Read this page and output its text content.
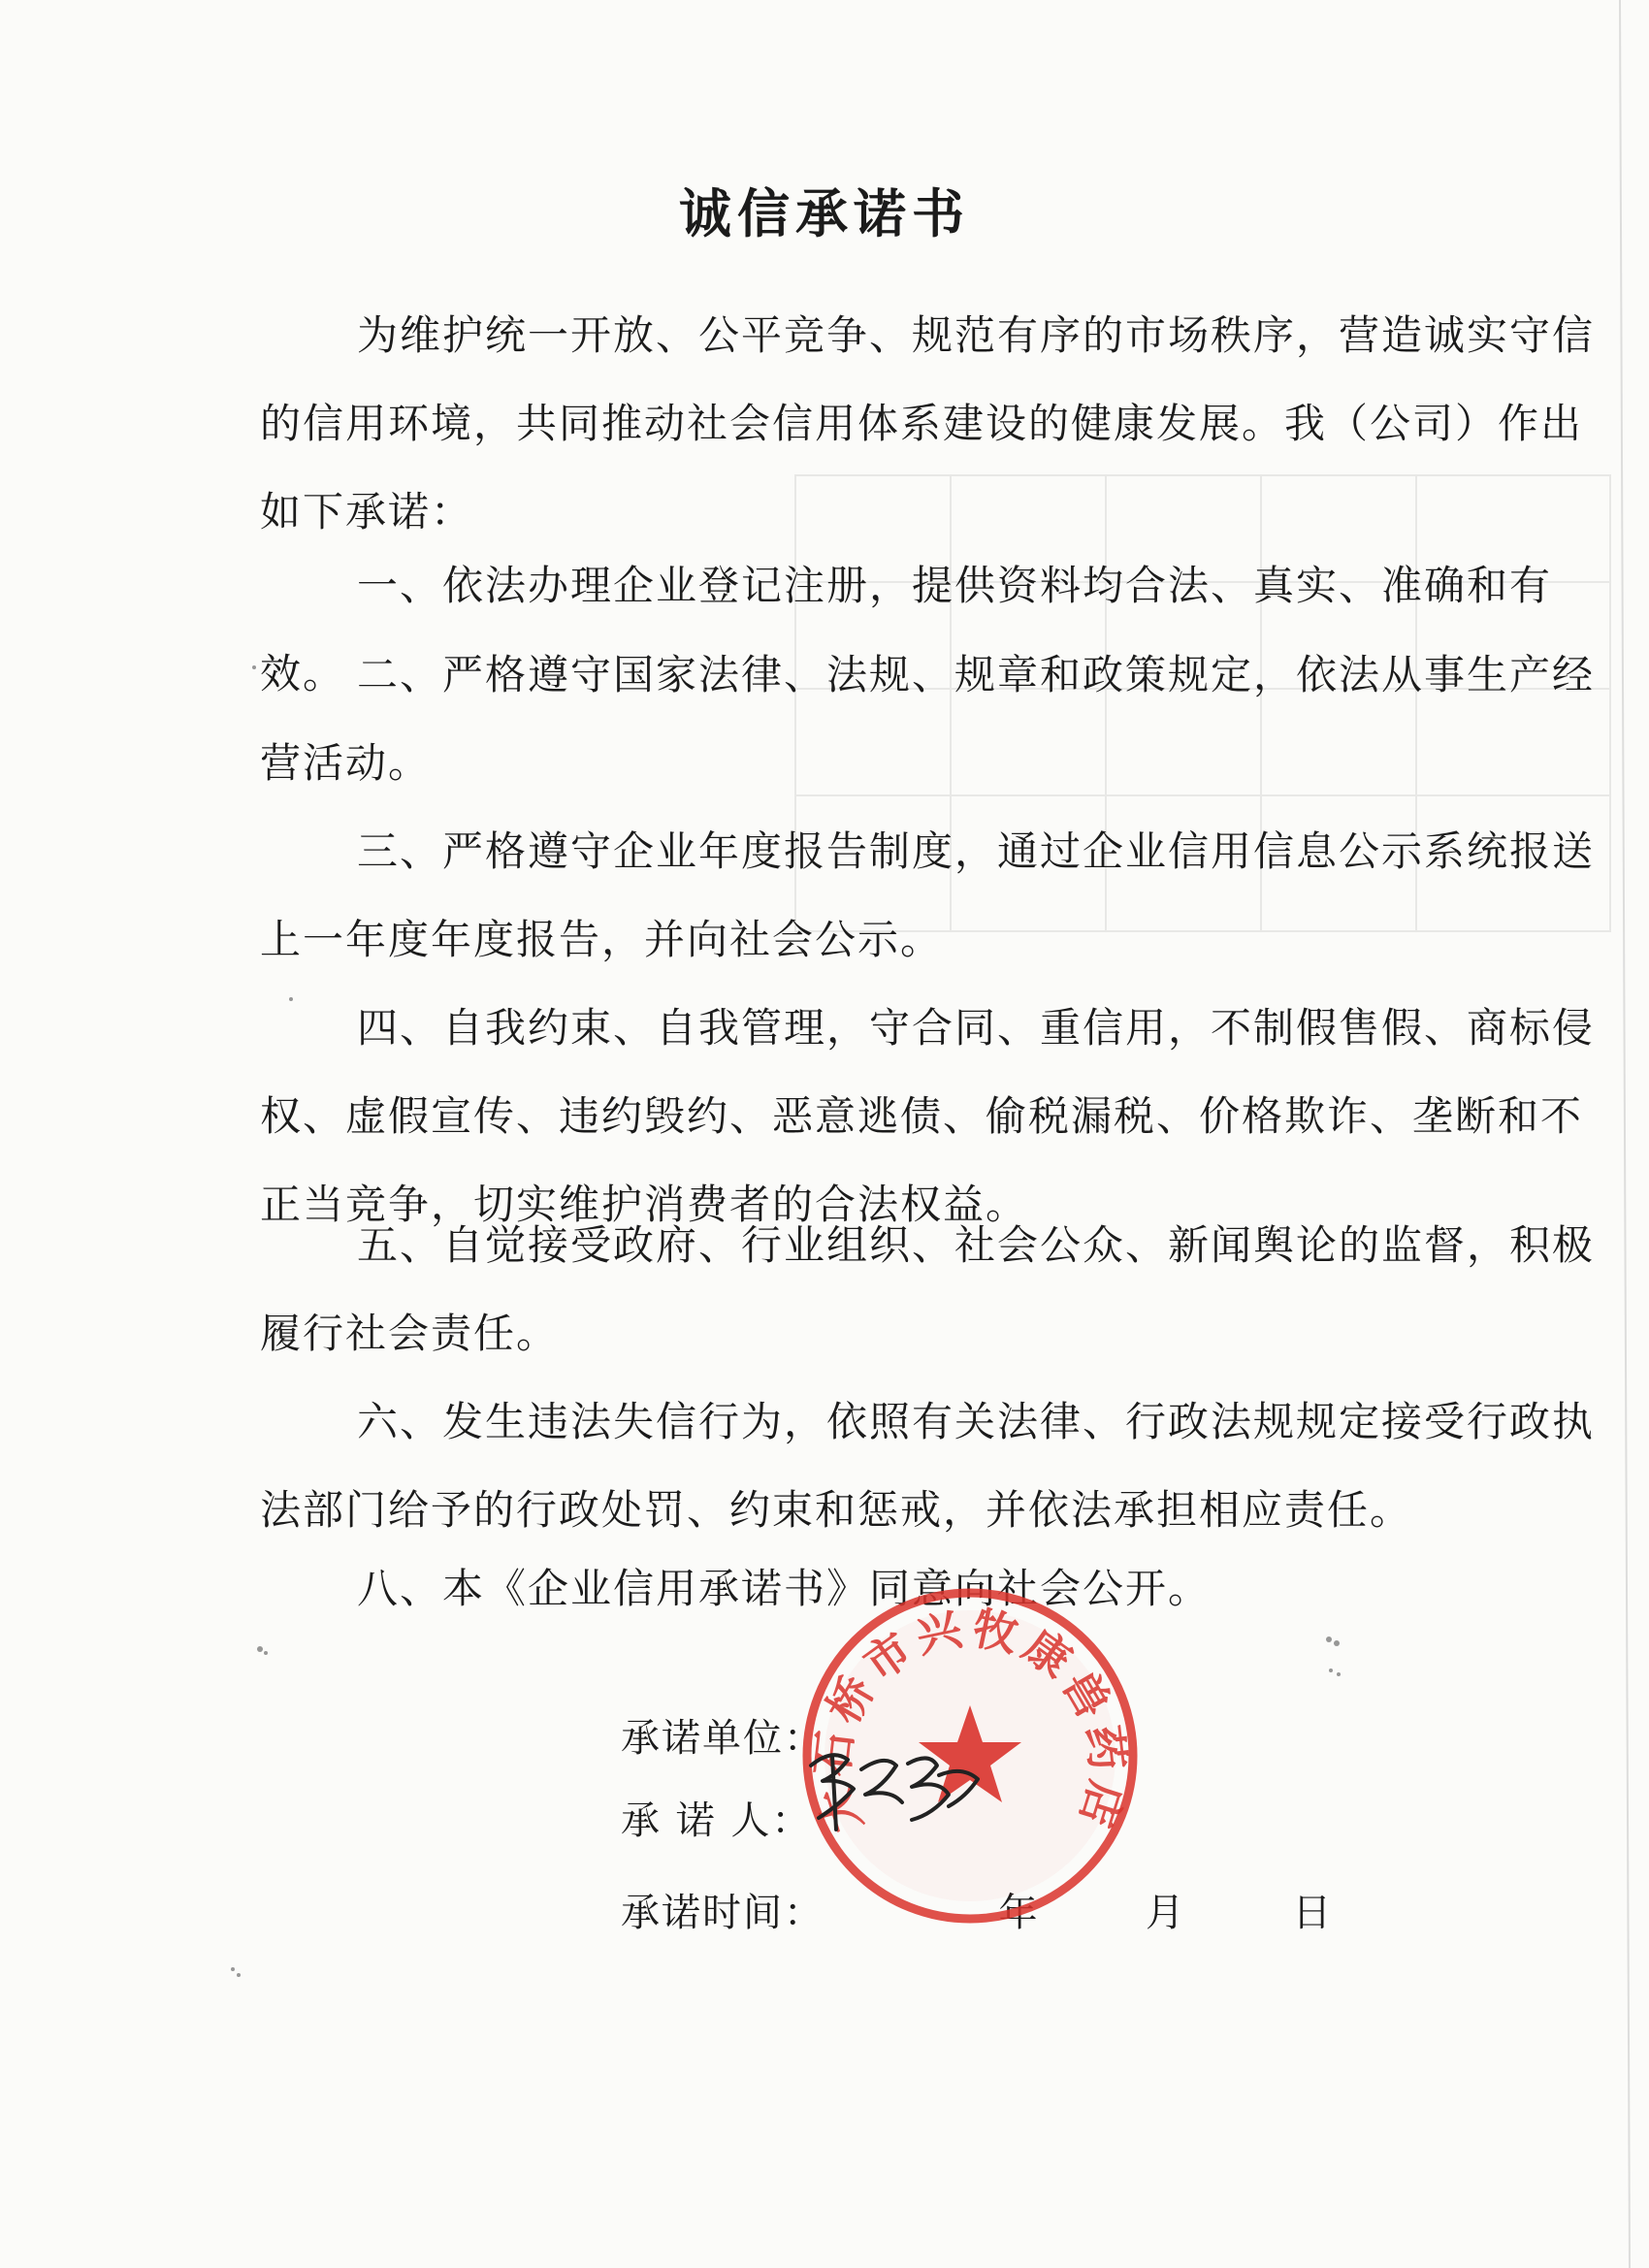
诚信承诺书

为维护统一开放、公平竞争、规范有序的市场秩序，营造诚实守信的信用环境，共同推动社会信用体系建设的健康发展。我（公司）作出如下承诺：

一、依法办理企业登记注册，提供资料均合法、真实、准确和有效。 二、严格遵守国家法律、法规、规章和政策规定，依法从事生产经营活动。

三、严格遵守企业年度报告制度，通过企业信用信息公示系统报送上一年度年度报告，并向社会公示。

四、自我约束、自我管理，守合同、重信用，不制假售假、商标侵权、虚假宣传、违约毁约、恶意逃债、偷税漏税、价格欺诈、垄断和不正当竞争，切实维护消费者的合法权益。

五、自觉接受政府、行业组织、社会公众、新闻舆论的监督，积极履行社会责任。

六、发生违法失信行为，依照有关法律、行政法规规定接受行政执法部门给予的行政处罚、约束和惩戒，并依法承担相应责任。

八、本《企业信用承诺书》同意向社会公开。

承诺单位：
承 诺 人：
承诺时间：	年	月	日
大石桥市兴牧康兽药店
